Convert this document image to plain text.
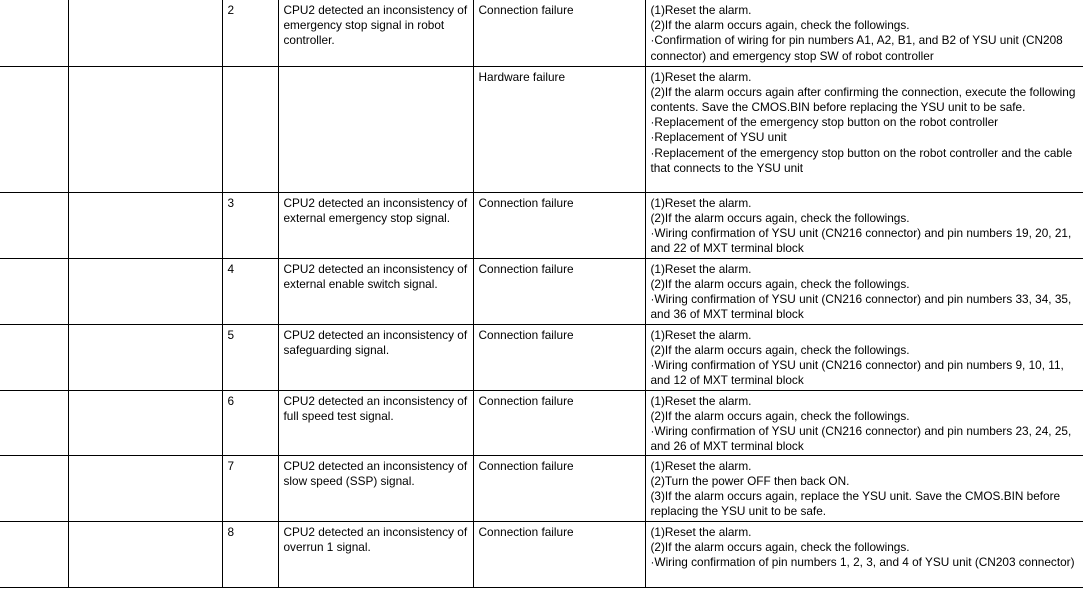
		2	CPU2 detected an inconsistency of emergency stop signal in robot controller.	Connection failure	(1)Reset the alarm.
(2)If the alarm occurs again, check the followings.
·Confirmation of wiring for pin numbers A1, A2, B1, and B2 of YSU unit (CN208 connector) and emergency stop SW of robot controller

				Hardware failure	(1)Reset the alarm.
(2)If the alarm occurs again after confirming the connection, execute the following contents. Save the CMOS.BIN before replacing the YSU unit to be safe.
·Replacement of the emergency stop button on the robot controller
·Replacement of YSU unit
·Replacement of the emergency stop button on the robot controller and the cable that connects to the YSU unit

		3	CPU2 detected an inconsistency of external emergency stop signal.	Connection failure	(1)Reset the alarm.
(2)If the alarm occurs again, check the followings.
·Wiring confirmation of YSU unit (CN216 connector) and pin numbers 19, 20, 21, and 22 of MXT terminal block

		4	CPU2 detected an inconsistency of external enable switch signal.	Connection failure	(1)Reset the alarm.
(2)If the alarm occurs again, check the followings.
·Wiring confirmation of YSU unit (CN216 connector) and pin numbers 33, 34, 35, and 36 of MXT terminal block

		5	CPU2 detected an inconsistency of safeguarding signal.	Connection failure	(1)Reset the alarm.
(2)If the alarm occurs again, check the followings.
·Wiring confirmation of YSU unit (CN216 connector) and pin numbers 9, 10, 11, and 12 of MXT terminal block

		6	CPU2 detected an inconsistency of full speed test signal.	Connection failure	(1)Reset the alarm.
(2)If the alarm occurs again, check the followings.
·Wiring confirmation of YSU unit (CN216 connector) and pin numbers 23, 24, 25, and 26 of MXT terminal block

		7	CPU2 detected an inconsistency of slow speed (SSP) signal.	Connection failure	(1)Reset the alarm.
(2)Turn the power OFF then back ON.
(3)If the alarm occurs again, replace the YSU unit. Save the CMOS.BIN before replacing the YSU unit to be safe.

		8	CPU2 detected an inconsistency of overrun 1 signal.	Connection failure	(1)Reset the alarm.
(2)If the alarm occurs again, check the followings.
·Wiring confirmation of pin numbers 1, 2, 3, and 4 of YSU unit (CN203 connector)
